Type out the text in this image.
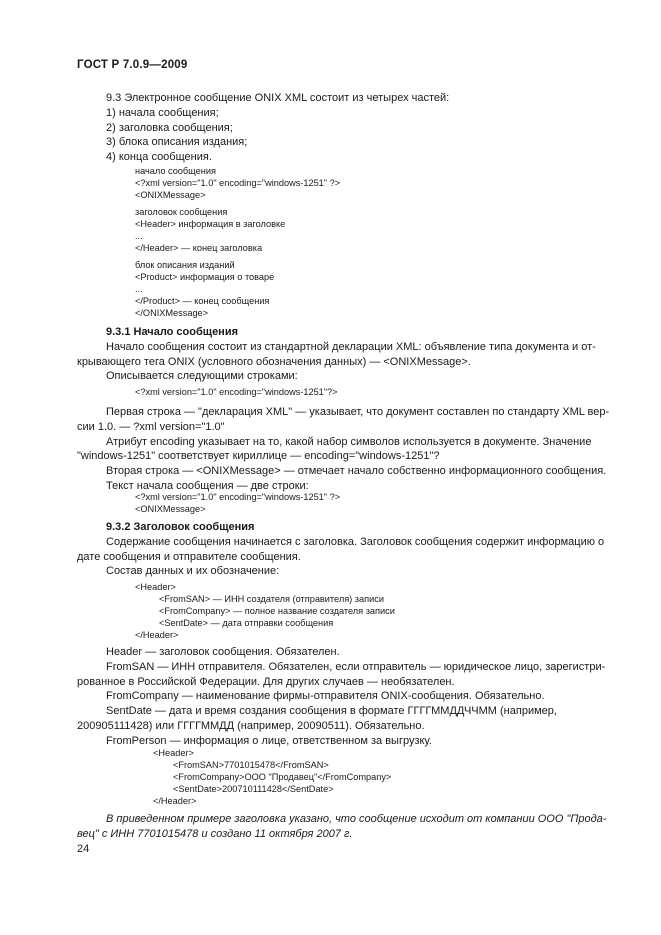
ГОСТ Р 7.0.9—2009

9.3 Электронное сообщение ONIX XML состоит из четырех частей:

1) начала сообщения;

2) заголовка сообщения;

3) блока описания издания;

4) конца сообщения.

начало сообщения
<?xml version="1.0" encoding="windows-1251" ?>
<ONIXMessage>
заголовок сообщения
<Header> информация в заголовке
...
</Header> — конец заголовка
блок описания изданий
<Product> информация о товаре
...
</Product> — конец сообщения
</ONIXMessage>

9.3.1 Начало сообщения

Начало сообщения состоит из стандартной декларации XML: объявление типа документа и от-

крывающего тега ONIX (условного обозначения данных) — <ONIXMessage>.

Описывается следующими строками:

<?xml version="1.0" encoding="windows-1251"?>

Первая строка — "декларация XML" — указывает, что документ составлен по стандарту XML вер-

сии 1.0. — ?xml version="1.0"

Атрибут encoding указывает на то, какой набор символов используется в документе. Значение

"windows-1251" соответствует кириллице — encoding="windows-1251"?

Вторая строка — <ONIXMessage> — отмечает начало собственно информационного сообщения.

Текст начала сообщения — две строки:

<?xml version="1.0" encoding="windows-1251" ?>
<ONIXMessage>

9.3.2 Заголовок сообщения

Содержание сообщения начинается с заголовка. Заголовок сообщения содержит информацию о

дате сообщения и отправителе сообщения.

Состав данных и их обозначение:

<Header>
<FromSAN> — ИНН создателя (отправителя) записи
<FromCompany> — полное название создателя записи
<SentDate> — дата отправки сообщения
</Header>

Header — заголовок сообщения. Обязателен.

FromSAN — ИНН отправителя. Обязателен, если отправитель — юридическое лицо, зарегистри-

рованное в Российской Федерации. Для других случаев — необязателен.

FromCompany — наименование фирмы-отправителя ONIX-сообщения. Обязательно.

SentDate — дата и время создания сообщения в формате ГГГГММДДЧЧММ (например,

200905111428) или ГГГГММДД (например, 20090511). Обязательно.

FromPerson — информация о лице, ответственном за выгрузку.

<Header>
<FromSAN>7701015478</FromSAN>
<FromCompany>ООО "Продавец"</FromCompany>
<SentDate>200710111428</SentDate>
</Header>

В приведенном примере заголовка указано, что сообщение исходит от компании ООО "Прода-

вец" с ИНН 7701015478 и создано 11 октября 2007 г.

24
